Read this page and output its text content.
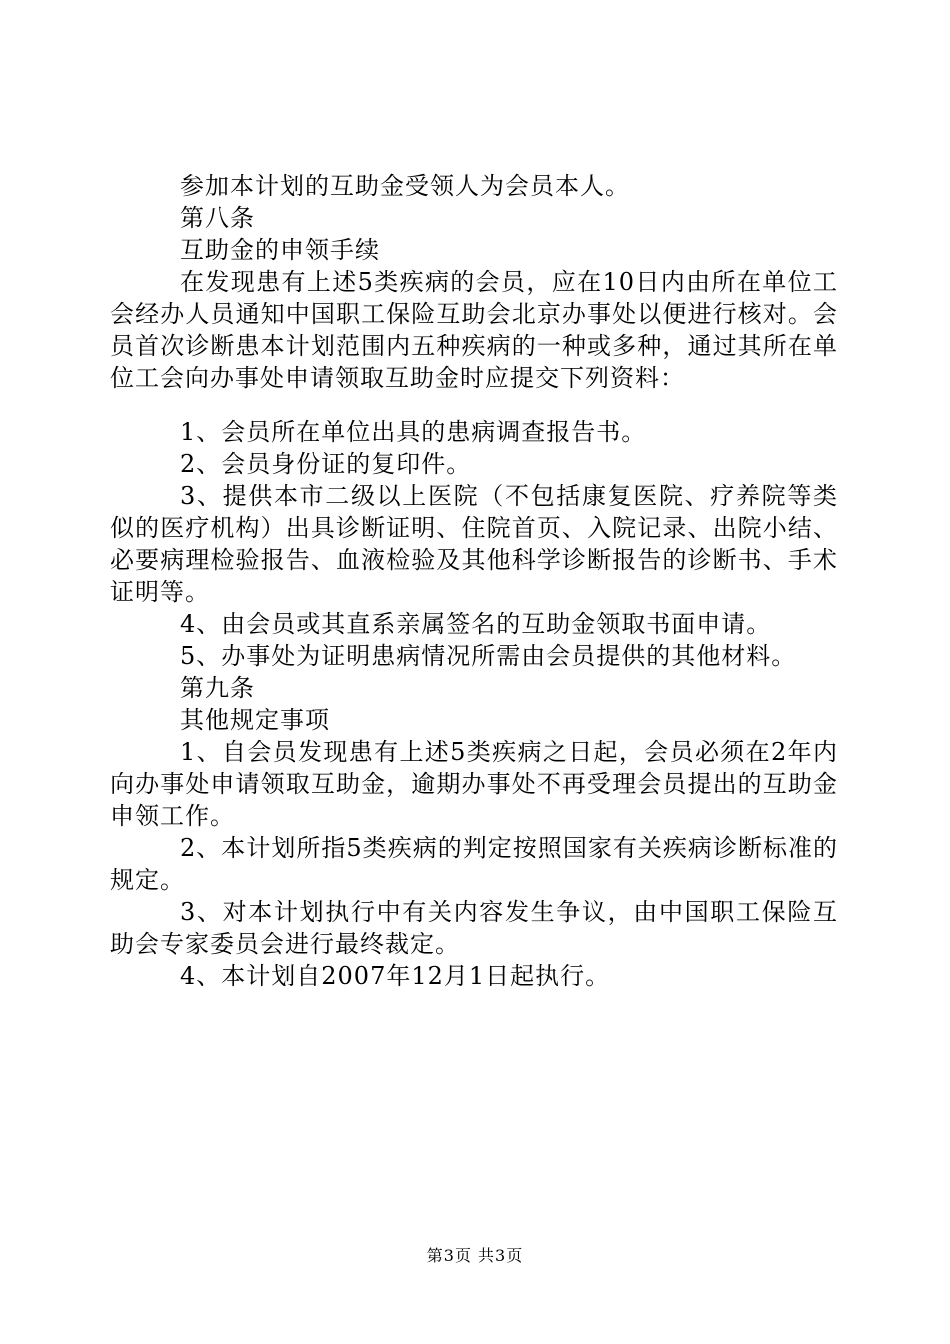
参加本计划的互助金受领人为会员本人。

第八条

互助金的申领手续

在发现患有上述5类疾病的会员，应在10日内由所在单位工会经办人员通知中国职工保险互助会北京办事处以便进行核对。会员首次诊断患本计划范围内五种疾病的一种或多种，通过其所在单位工会向办事处申请领取互助金时应提交下列资料：

1、会员所在单位出具的患病调查报告书。

2、会员身份证的复印件。

3、提供本市二级以上医院（不包括康复医院、疗养院等类似的医疗机构）出具诊断证明、住院首页、入院记录、出院小结、必要病理检验报告、血液检验及其他科学诊断报告的诊断书、手术证明等。

4、由会员或其直系亲属签名的互助金领取书面申请。

5、办事处为证明患病情况所需由会员提供的其他材料。

第九条

其他规定事项

1、自会员发现患有上述5类疾病之日起，会员必须在2年内向办事处申请领取互助金，逾期办事处不再受理会员提出的互助金申领工作。

2、本计划所指5类疾病的判定按照国家有关疾病诊断标准的规定。

3、对本计划执行中有关内容发生争议，由中国职工保险互助会专家委员会进行最终裁定。

4、本计划自2007年12月1日起执行。

第3页 共3页
